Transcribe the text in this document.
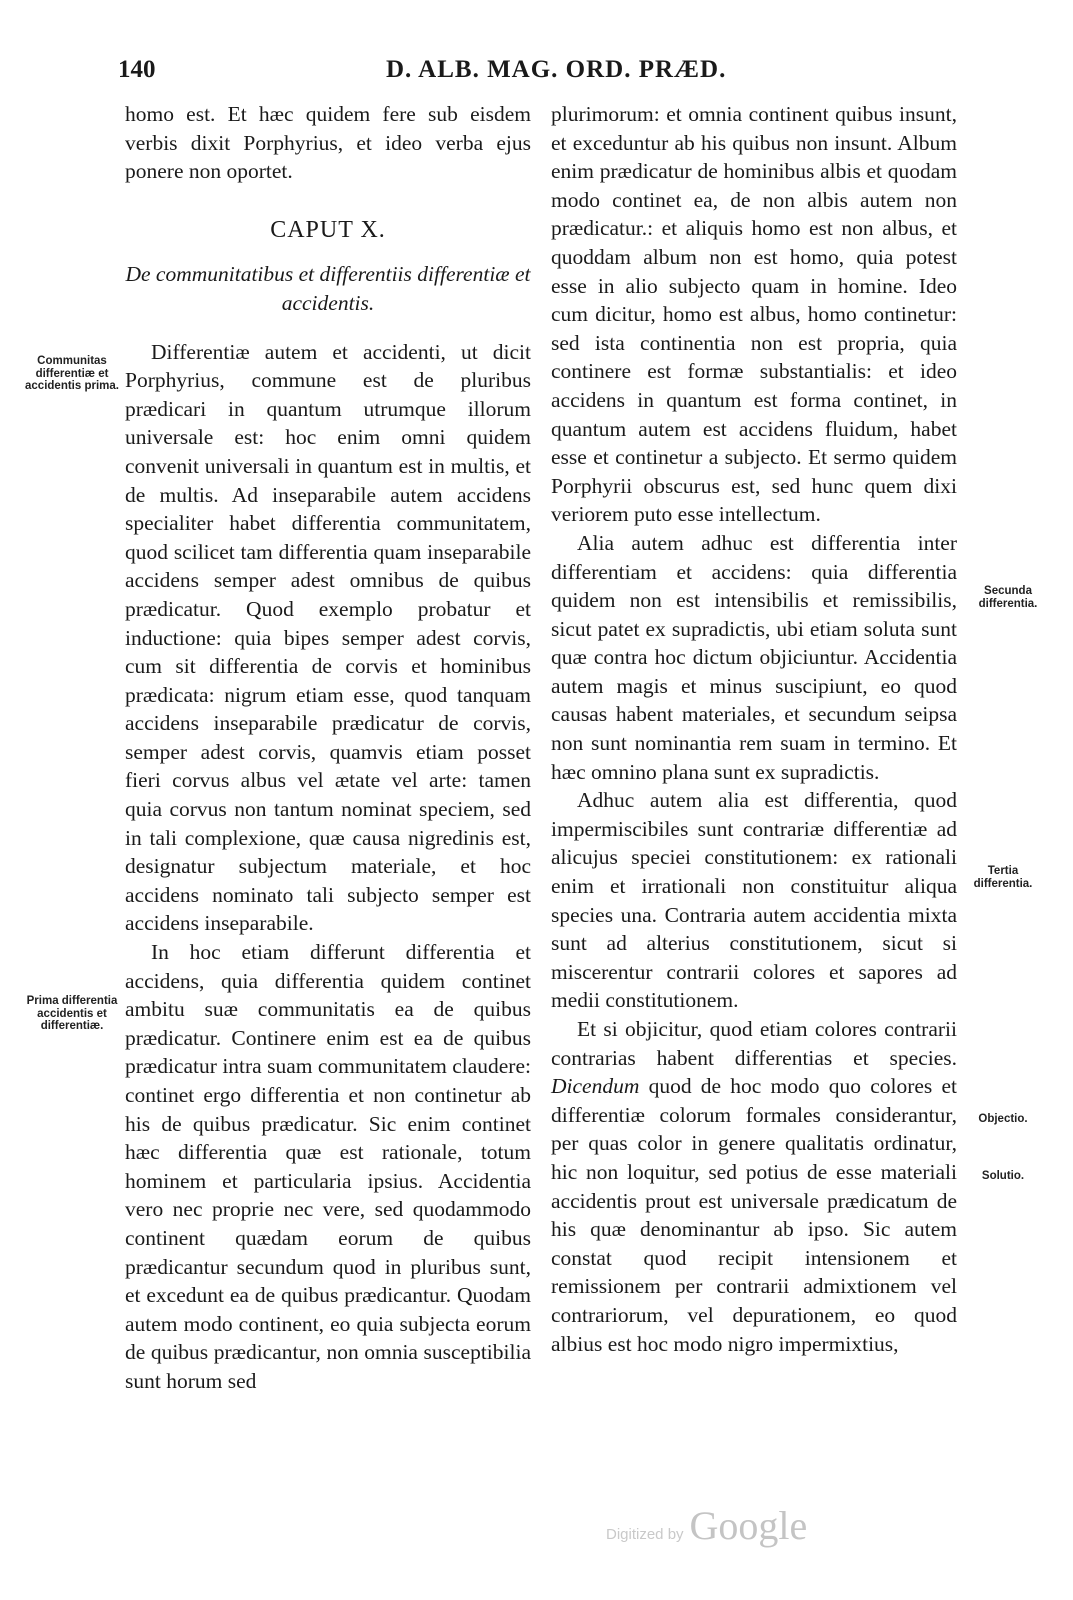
140	D. ALB. MAG. ORD. PRÆD.

homo est. Et hæc quidem fere sub eisdem verbis dixit Porphyrius, et ideo verba ejus ponere non oportet.

CAPUT X.
De communitatibus et differentiis differentiæ et accidentis.

Differentiæ autem et accidenti, ut dicit Porphyrius, commune est de pluribus prædicari in quantum utrumque illorum universale est: hoc enim omni quidem convenit universali in quantum est in multis, et de multis. Ad inseparabile autem accidens specialiter habet differentia communitatem, quod scilicet tam differentia quam inseparabile accidens semper adest omnibus de quibus prædicatur. Quod exemplo probatur et inductione: quia bipes semper adest corvis, cum sit differentia de corvis et hominibus prædicata: nigrum etiam esse, quod tanquam accidens inseparabile prædicatur de corvis, semper adest corvis, quamvis etiam posset fieri corvus albus vel ætate vel arte: tamen quia corvus non tantum nominat speciem, sed in tali complexione, quæ causa nigredinis est, designatur subjectum materiale, et hoc accidens nominato tali subjecto semper est accidens inseparabile.

In hoc etiam differunt differentia et accidens, quia differentia quidem continet ambitu suæ communitatis ea de quibus prædicatur. Continere enim est ea de quibus prædicatur intra suam communitatem claudere: continet ergo differentia et non continetur ab his de quibus prædicatur. Sic enim continet hæc differentia quæ est rationale, totum hominem et particularia ipsius. Accidentia vero nec proprie nec vere, sed quodammodo continent quædam eorum de quibus prædicantur secundum quod in pluribus sunt, et excedunt ea de quibus prædicantur. Quodam autem modo continent, eo quia subjecta eorum de quibus prædicantur, non omnia susceptibilia sunt horum sed

plurimorum: et omnia continent quibus insunt, et exceduntur ab his quibus non insunt. Album enim prædicatur de hominibus albis et quodam modo continet ea, de non albis autem non prædicatur.: et aliquis homo est non albus, et quoddam album non est homo, quia potest esse in alio subjecto quam in homine. Ideo cum dicitur, homo est albus, homo continetur: sed ista continentia non est propria, quia continere est formæ substantialis: et ideo accidens in quantum est forma continet, in quantum autem est accidens fluidum, habet esse et continetur a subjecto. Et sermo quidem Porphyrii obscurus est, sed hunc quem dixi veriorem puto esse intellectum.

Alia autem adhuc est differentia inter differentiam et accidens: quia differentia quidem non est intensibilis et remissibilis, sicut patet ex supradictis, ubi etiam soluta sunt quæ contra hoc dictum objiciuntur. Accidentia autem magis et minus suscipiunt, eo quod causas habent materiales, et secundum seipsa non sunt nominantia rem suam in termino. Et hæc omnino plana sunt ex supradictis.

Adhuc autem alia est differentia, quod impermiscibiles sunt contrariæ differentiæ ad alicujus speciei constitutionem: ex rationali enim et irrationali non constituitur aliqua species una. Contraria autem accidentia mixta sunt ad alterius constitutionem, sicut si miscerentur contrarii colores et sapores ad medii constitutionem.

Et si objicitur, quod etiam colores contrarii contrarias habent differentias et species. Dicendum quod de hoc modo quo colores et differentiæ colorum formales considerantur, per quas color in genere qualitatis ordinatur, hic non loquitur, sed potius de esse materiali accidentis prout est universale prædicatum de his quæ denominantur ab ipso. Sic autem constat quod recipit intensionem et remissionem per contrarii admixtionem vel contrariorum, vel depurationem, eo quod albius est hoc modo nigro impermixtius,

Communitas differentiæ et accidentis prima.
Prima differentia accidentis et differentiæ.
Secunda differentia.
Tertia differentia.
Objectio.
Solutio.
Digitized by Google
